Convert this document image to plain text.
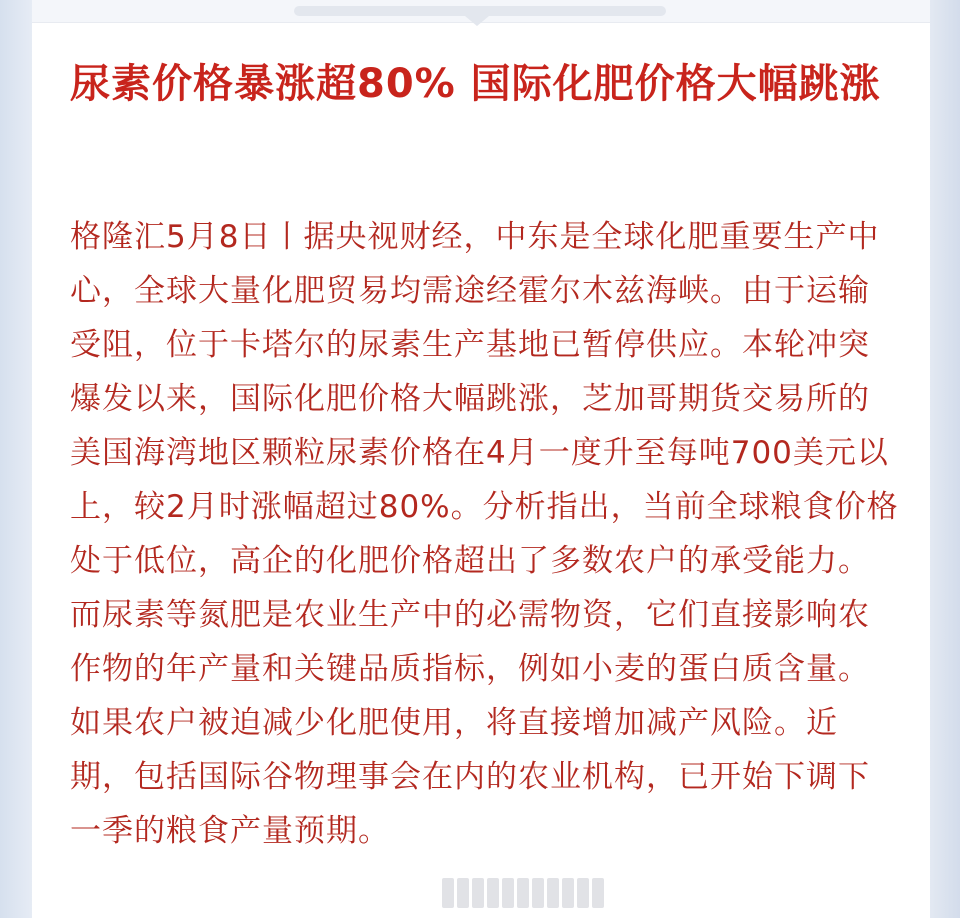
尿素价格暴涨超80% 国际化肥价格大幅跳涨

格隆汇5月8日丨据央视财经，中东是全球化肥重要生产中心，全球大量化肥贸易均需途经霍尔木兹海峡。由于运输受阻，位于卡塔尔的尿素生产基地已暂停供应。本轮冲突爆发以来，国际化肥价格大幅跳涨，芝加哥期货交易所的美国海湾地区颗粒尿素价格在4月一度升至每吨700美元以上，较2月时涨幅超过80%。分析指出，当前全球粮食价格处于低位，高企的化肥价格超出了多数农户的承受能力。而尿素等氮肥是农业生产中的必需物资，它们直接影响农作物的年产量和关键品质指标，例如小麦的蛋白质含量。如果农户被迫减少化肥使用，将直接增加减产风险。近期，包括国际谷物理事会在内的农业机构，已开始下调下一季的粮食产量预期。
